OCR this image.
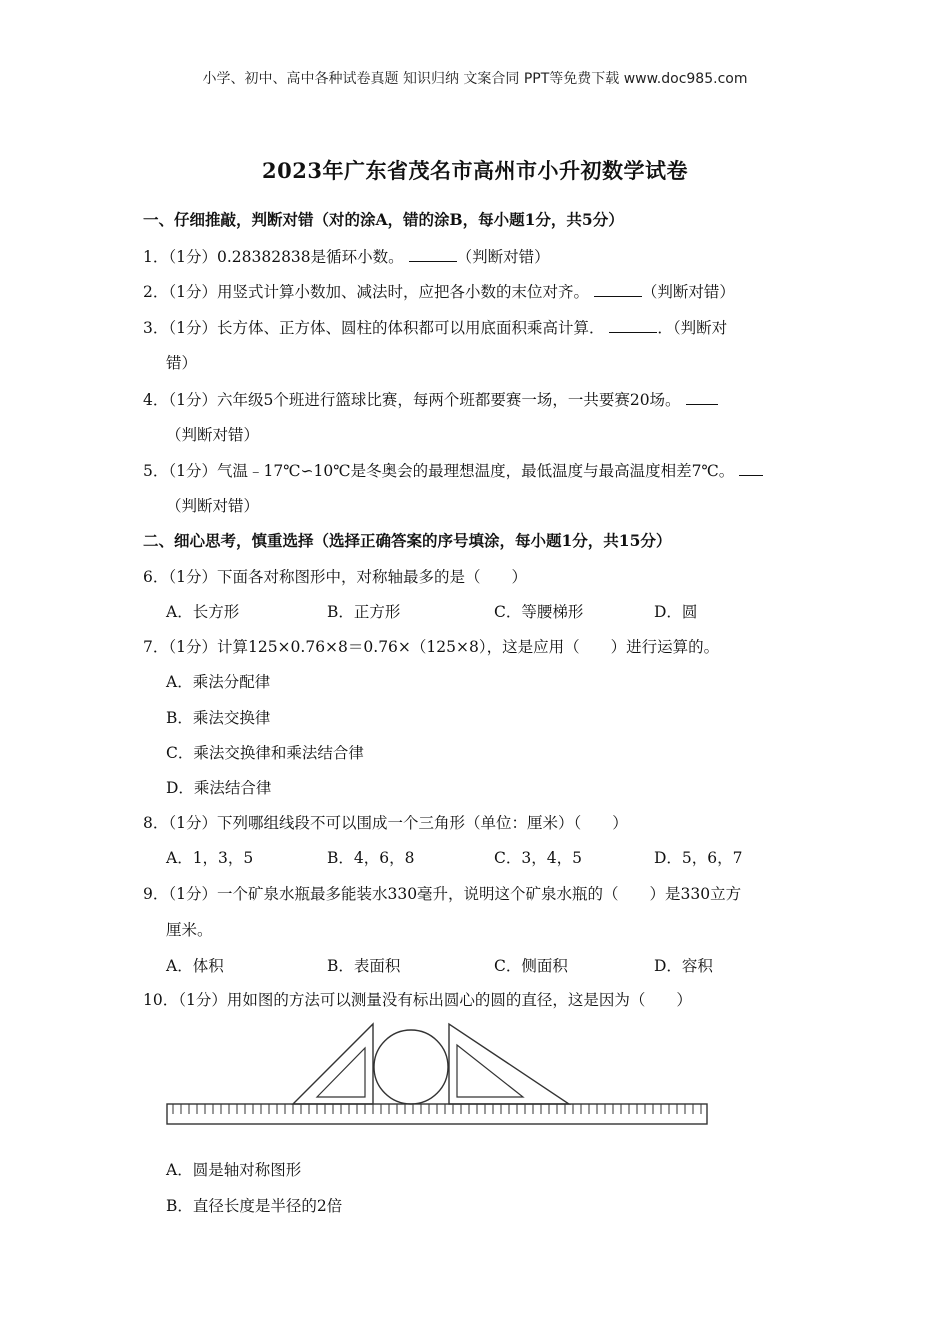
小学、初中、高中各种试卷真题 知识归纳 文案合同 PPT等免费下载 www.doc985.com
2023年广东省茂名市高州市小升初数学试卷
一、仔细推敲，判断对错（对的涂A，错的涂B，每小题1分，共5分）
1．（1分）0.28382838是循环小数。	（判断对错）
2．（1分）用竖式计算小数加、减法时，应把各小数的末位对齐。	（判断对错）
3．（1分）长方体、正方体、圆柱的体积都可以用底面积乘高计算．	．（判断对
错）
4．（1分）六年级5个班进行篮球比赛，每两个班都要赛一场，一共要赛20场。
（判断对错）
5．（1分）气温﹣17℃∽10℃是冬奥会的最理想温度，最低温度与最高温度相差7℃。
（判断对错）
二、细心思考，慎重选择（选择正确答案的序号填涂，每小题1分，共15分）
6．（1分）下面各对称图形中，对称轴最多的是（　　）
A．长方形	B．正方形	C．等腰梯形	D．圆
7．（1分）计算125×0.76×8＝0.76×（125×8），这是应用（　　）进行运算的。
A．乘法分配律
B．乘法交换律
C．乘法交换律和乘法结合律
D．乘法结合律
8．（1分）下列哪组线段不可以围成一个三角形（单位：厘米）（　　）
A．1，3，5	B．4，6，8	C．3，4，5	D．5，6，7
9．（1分）一个矿泉水瓶最多能装水330毫升，说明这个矿泉水瓶的（　　）是330立方
厘米。
A．体积	B．表面积	C．侧面积	D．容积
10．（1分）用如图的方法可以测量没有标出圆心的圆的直径，这是因为（　　）
A．圆是轴对称图形
B．直径长度是半径的2倍
